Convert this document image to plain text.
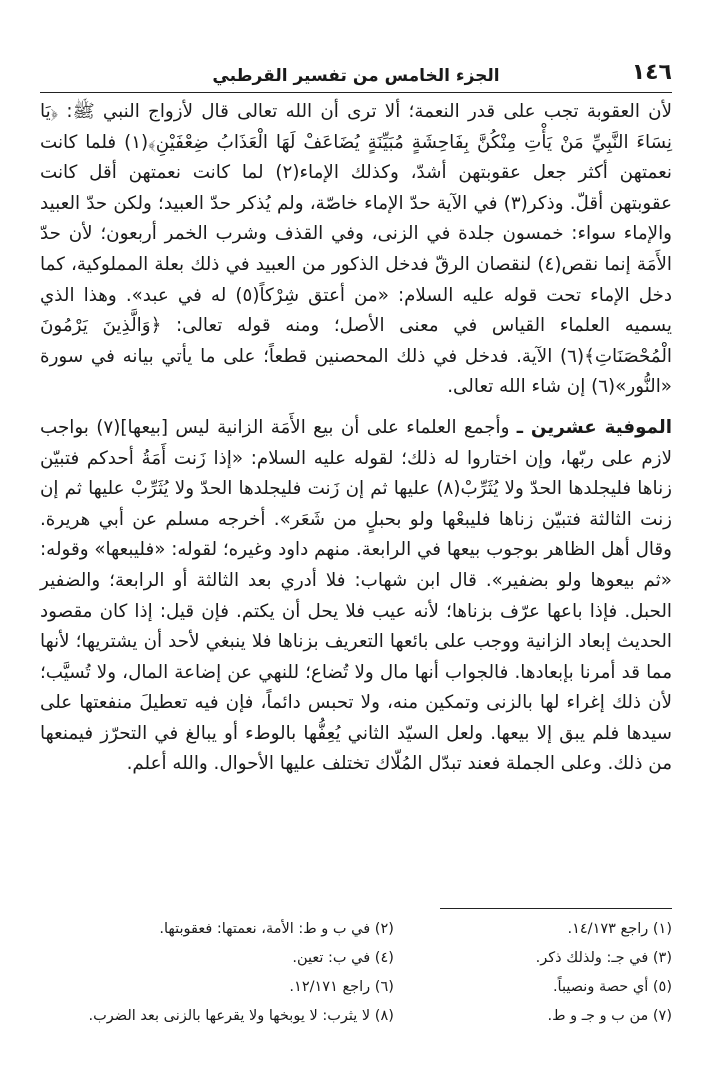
١٤٦
الجزء الخامس من تفسير القرطبي

لأن العقوبة تجب على قدر النعمة؛ ألا ترى أن الله تعالى قال لأزواج النبي ﷺ: ﴿يَا نِسَاءَ النَّبِيِّ مَنْ يَأْتِ مِنْكُنَّ بِفَاحِشَةٍ مُبَيِّنَةٍ يُضَاعَفْ لَهَا الْعَذَابُ ضِعْفَيْنِ﴾(١) فلما كانت نعمتهن أكثر جعل عقوبتهن أشدّ، وكذلك الإماء(٢) لما كانت نعمتهن أقل كانت عقوبتهن أقلّ. وذكر(٣) في الآية حدّ الإماء خاصّة، ولم يُذكر حدّ العبيد؛ ولكن حدّ العبيد والإماء سواء: خمسون جلدة في الزنى، وفي القذف وشرب الخمر أربعون؛ لأن حدّ الأَمَة إنما نقص(٤) لنقصان الرقّ فدخل الذكور من العبيد في ذلك بعلة المملوكية، كما دخل الإماء تحت قوله عليه السلام: «من أعتق شِرْكاً(٥) له في عبد». وهذا الذي يسميه العلماء القياس في معنى الأصل؛ ومنه قوله تعالى: ﴿وَالَّذِينَ يَرْمُونَ الْمُحْصَنَاتِ﴾(٦) الآية. فدخل في ذلك المحصنين قطعاً؛ على ما يأتي بيانه في سورة «النُّور»(٦) إن شاء الله تعالى.

الموفية عشرين ـ وأجمع العلماء على أن بيع الأَمَة الزانية ليس [بيعها](٧) بواجب لازم على ربّها، وإن اختاروا له ذلك؛ لقوله عليه السلام: «إذا زَنت أَمَةُ أحدكم فتبيّن زناها فليجلدها الحدّ ولا يُثَرِّبْ(٨) عليها ثم إن زَنت فليجلدها الحدّ ولا يُثَرِّبْ عليها ثم إن زنت الثالثة فتبيّن زناها فليبعْها ولو بحبلٍ من شَعَر». أخرجه مسلم عن أبي هريرة. وقال أهل الظاهر بوجوب بيعها في الرابعة. منهم داود وغيره؛ لقوله: «فليبعها» وقوله: «ثم بيعوها ولو بضفير». قال ابن شهاب: فلا أدري بعد الثالثة أو الرابعة؛ والضفير الحبل. فإذا باعها عرّف بزناها؛ لأنه عيب فلا يحل أن يكتم. فإن قيل: إذا كان مقصود الحديث إبعاد الزانية ووجب على بائعها التعريف بزناها فلا ينبغي لأحد أن يشتريها؛ لأنها مما قد أمرنا بإبعادها. فالجواب أنها مال ولا تُضاع؛ للنهي عن إضاعة المال، ولا تُسيَّب؛ لأن ذلك إغراء لها بالزنى وتمكين منه، ولا تحبس دائماً، فإن فيه تعطيلَ منفعتها على سيدها فلم يبق إلا بيعها. ولعل السيّد الثاني يُعِفُّها بالوطء أو يبالغ في التحرّز فيمنعها من ذلك. وعلى الجملة فعند تبدّل المُلّاك تختلف عليها الأحوال. والله أعلم.

(١) راجع ١٤/١٧٣.
(٢) في ب و ط: الأمة، نعمتها: فعقوبتها.
(٣) في جـ: ولذلك ذكر.
(٤) في ب: تعين.
(٥) أي حصة ونصيباً.
(٦) راجع ١٢/١٧١.
(٧) من ب و جـ و ط.
(٨) لا يثرب: لا يوبخها ولا يقرعها بالزنى بعد الضرب.
